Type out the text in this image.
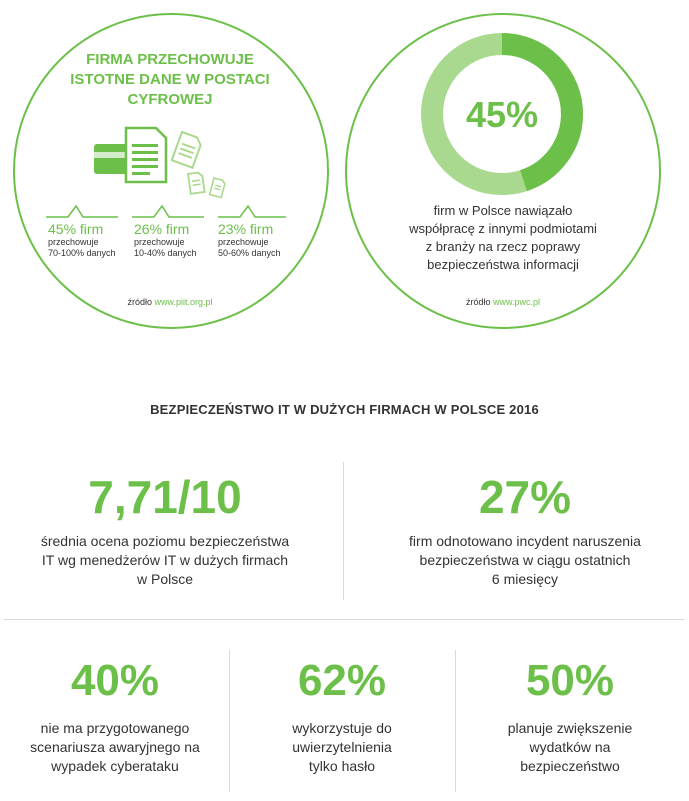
FIRMA PRZECHOWUJE ISTOTNE DANE W POSTACI CYFROWEJ
45% firm
przechowuje
70-100% danych
26% firm
przechowuje
10-40% danych
23% firm
przechowuje
50-60% danych
źródło www.piit.org.pl
45%
firm w Polsce nawiązało
współpracę z innymi podmiotami
z branży na rzecz poprawy
bezpieczeństwa informacji
źródło www.pwc.pl
BEZPIECZEŃSTWO IT W DUŻYCH FIRMACH W POLSCE 2016
7,71/10
średnia ocena poziomu bezpieczeństwa
IT wg menedżerów IT w dużych firmach
w Polsce
27%
firm odnotowano incydent naruszenia
bezpieczeństwa w ciągu ostatnich
6 miesięcy
40%
nie ma przygotowanego
scenariusza awaryjnego na
wypadek cyberataku
62%
wykorzystuje do
uwierzytelnienia
tylko hasło
50%
planuje zwiększenie
wydatków na
bezpieczeństwo
